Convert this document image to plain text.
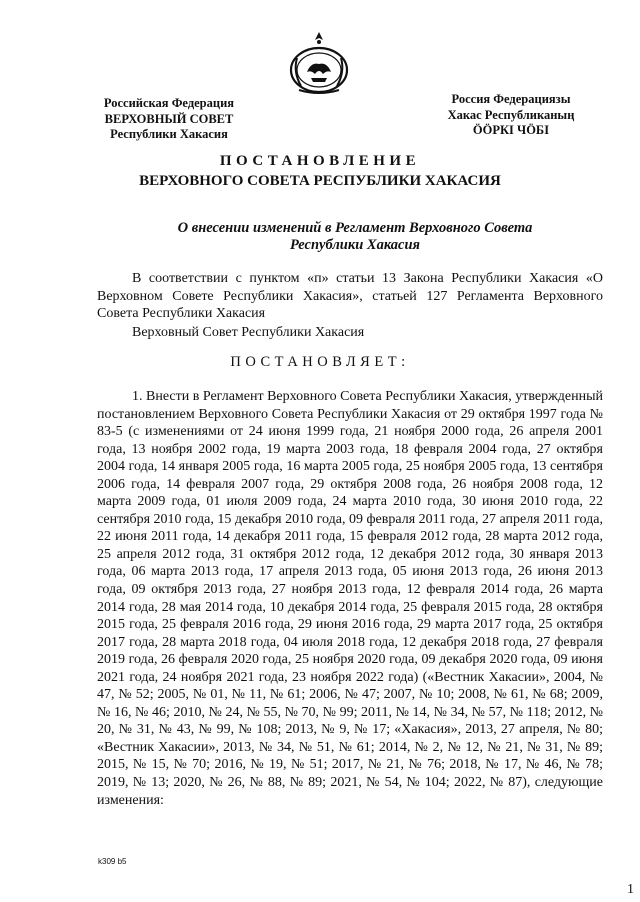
Российская Федерация
ВЕРХОВНЫЙ СОВЕТ
Республики Хакасия
Россия Федерациязы
Хакас Республиканың
ӦӦРКІ ЧӦБІ
ПОСТАНОВЛЕНИЕ
ВЕРХОВНОГО СОВЕТА РЕСПУБЛИКИ ХАКАСИЯ
О внесении изменений в Регламент Верховного Совета Республики Хакасия

В соответствии с пунктом «п» статьи 13 Закона Республики Хакасия «О Верховном Совете Республики Хакасия», статьей 127 Регламента Верховного Совета Республики Хакасия

Верховный Совет Республики Хакасия
ПОСТАНОВЛЯЕТ:

1. Внести в Регламент Верховного Совета Республики Хакасия, утвержденный постановлением Верховного Совета Республики Хакасия от 29 октября 1997 года № 83-5 (с изменениями от 24 июня 1999 года, 21 ноября 2000 года, 26 апреля 2001 года, 13 ноября 2002 года, 19 марта 2003 года, 18 февраля 2004 года, 27 октября 2004 года, 14 января 2005 года, 16 марта 2005 года, 25 ноября 2005 года, 13 сентября 2006 года, 14 февраля 2007 года, 29 октября 2008 года, 26 ноября 2008 года, 12 марта 2009 года, 01 июля 2009 года, 24 марта 2010 года, 30 июня 2010 года, 22 сентября 2010 года, 15 декабря 2010 года, 09 февраля 2011 года, 27 апреля 2011 года, 22 июня 2011 года, 14 декабря 2011 года, 15 февраля 2012 года, 28 марта 2012 года, 25 апреля 2012 года, 31 октября 2012 года, 12 декабря 2012 года, 30 января 2013 года, 06 марта 2013 года, 17 апреля 2013 года, 05 июня 2013 года, 26 июня 2013 года, 09 октября 2013 года, 27 ноября 2013 года, 12 февраля 2014 года, 26 марта 2014 года, 28 мая 2014 года, 10 декабря 2014 года, 25 февраля 2015 года, 28 октября 2015 года, 25 февраля 2016 года, 29 июня 2016 года, 29 марта 2017 года, 25 октября 2017 года, 28 марта 2018 года, 04 июля 2018 года, 12 декабря 2018 года, 27 февраля 2019 года, 26 февраля 2020 года, 25 ноября 2020 года, 09 декабря 2020 года, 09 июня 2021 года, 24 ноября 2021 года, 23 ноября 2022 года) («Вестник Хакасии», 2004, № 47, № 52; 2005, № 01, № 11, № 61; 2006, № 47; 2007, № 10; 2008, № 61, № 68; 2009, № 16, № 46; 2010, № 24, № 55, № 70, № 99; 2011, № 14, № 34, № 57, № 118; 2012, № 20, № 31, № 43, № 99, № 108; 2013, № 9, № 17; «Хакасия», 2013, 27 апреля, № 80; «Вестник Хакасии», 2013, № 34, № 51, № 61; 2014, № 2, № 12, № 21, № 31, № 89; 2015, № 15, № 70; 2016, № 19, № 51; 2017, № 21, № 76; 2018, № 17, № 46, № 78; 2019, № 13; 2020, № 26, № 88, № 89; 2021, № 54, № 104; 2022, № 87), следующие изменения:

k309 b5
1
